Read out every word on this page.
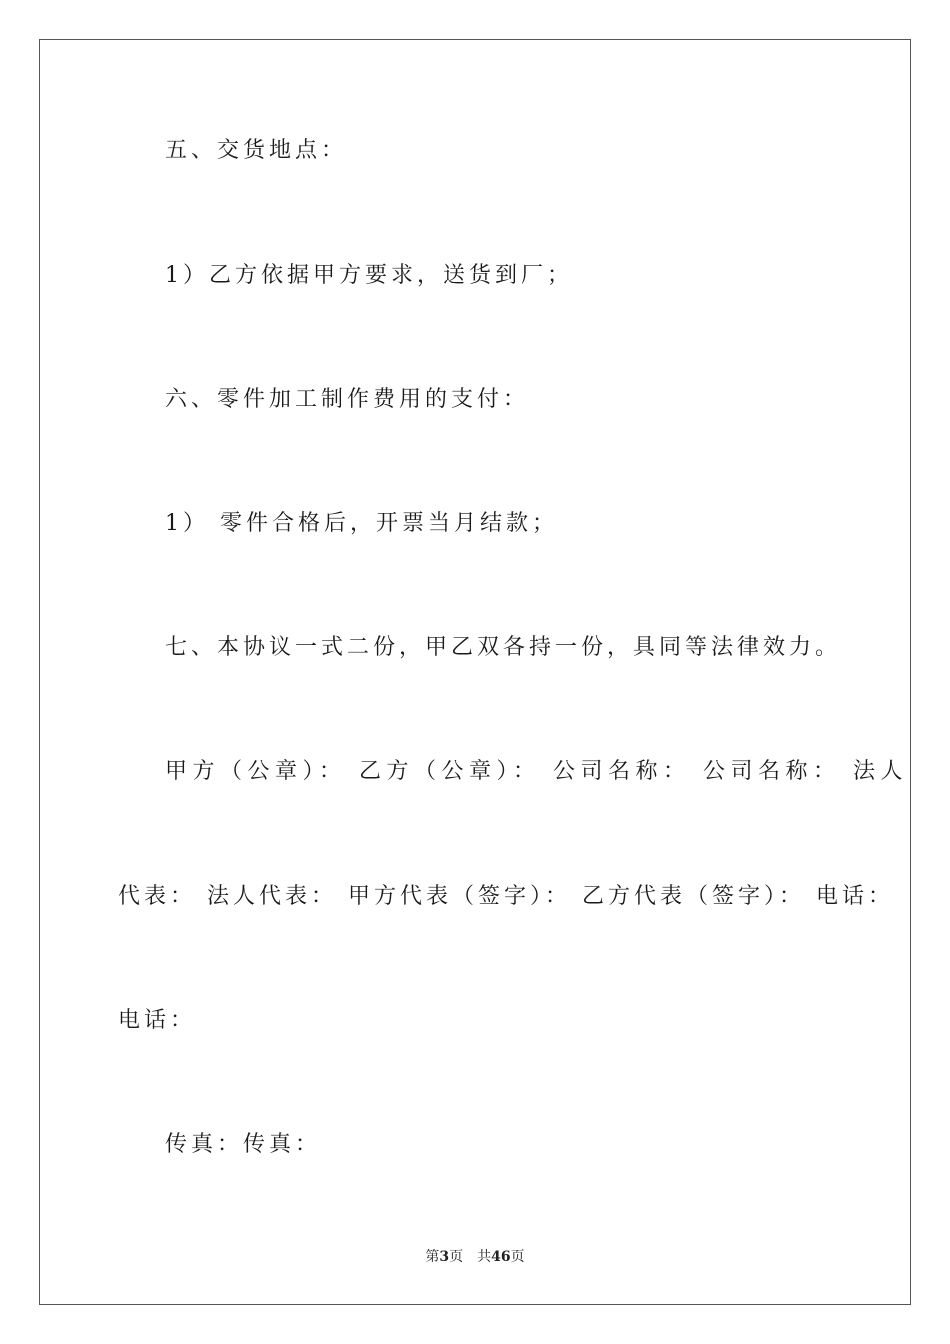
五、交货地点：
1）乙方依据甲方要求，送货到厂；
六、零件加工制作费用的支付：
1） 零件合格后，开票当月结款；
七、本协议一式二份，甲乙双各持一份，具同等法律效力。
甲方（公章）： 乙方（公章）： 公司名称： 公司名称： 法人
代表： 法人代表： 甲方代表（签字）： 乙方代表（签字）： 电话：
电话：
传真：传真：
第3页 共46页
